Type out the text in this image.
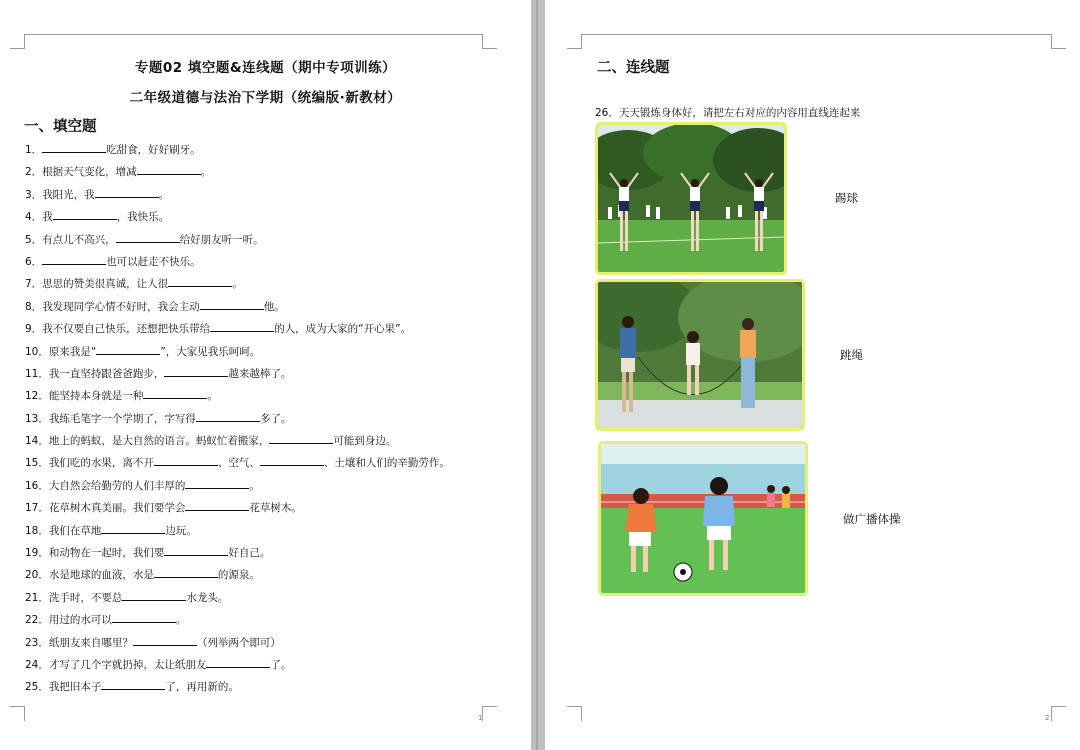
专题02 填空题&连线题（期中专项训练）
二年级道德与法治下学期（统编版·新教材）
一、填空题
1．	吃甜食，好好刷牙。
2．根据天气变化，增减	。
3．我阳光，我	。
4．我	，我快乐。
5．有点儿不高兴，	给好朋友听一听。
6．	也可以赶走不快乐。
7．思思的赞美很真诚，让人很	。
8．我发现同学心情不好时，我会主动	他。
9．我不仅要自己快乐，还想把快乐带给	的人，成为大家的“开心果”。
10．原来我是“	”，大家见我乐呵呵。
11．我一直坚持跟爸爸跑步，	越来越棒了。
12．能坚持本身就是一种	。
13．我练毛笔字一个学期了，字写得	多了。
14．地上的蚂蚁，是大自然的语言。蚂蚁忙着搬家，	可能到身边。
15．我们吃的水果，离不开	、空气、	、土壤和人们的辛勤劳作。
16．大自然会给勤劳的人们丰厚的	。
17．花草树木真美丽。我们要学会	花草树木。
18．我们在草地	边玩。
19．和动物在一起时，我们要	好自己。
20．水是地球的血液，水是	的源泉。
21．洗手时，不要总	水龙头。
22．用过的水可以	。
23．纸朋友来自哪里？	（列举两个即可）
24．才写了几个字就扔掉，太让纸朋友	了。
25．我把旧本子	了，再用新的。
1
二、连线题
26．天天锻炼身体好，请把左右对应的内容用直线连起来
踢球
跳绳
做广播体操
2
